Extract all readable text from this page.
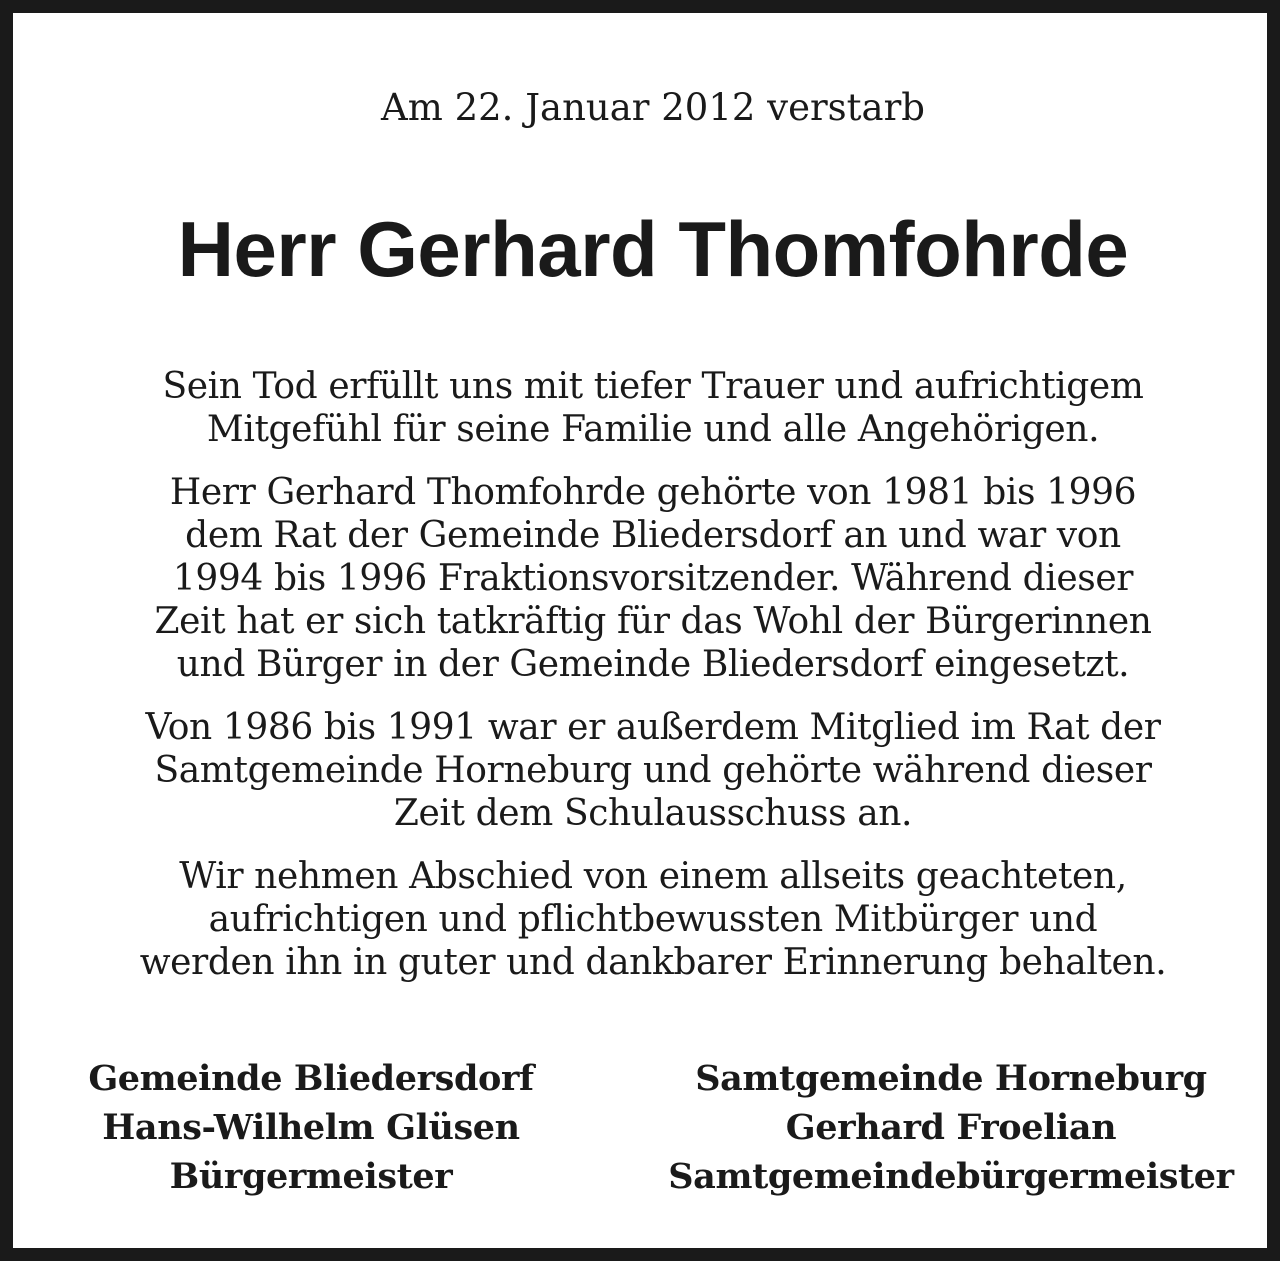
Am 22. Januar 2012 verstarb

Herr Gerhard Thomfohrde

Sein Tod erfüllt uns mit tiefer Trauer und aufrichtigem
Mitgefühl für seine Familie und alle Angehörigen.

Herr Gerhard Thomfohrde gehörte von 1981 bis 1996
dem Rat der Gemeinde Bliedersdorf an und war von
1994 bis 1996 Fraktionsvorsitzender. Während dieser
Zeit hat er sich tatkräftig für das Wohl der Bürgerinnen
und Bürger in der Gemeinde Bliedersdorf eingesetzt.

Von 1986 bis 1991 war er außerdem Mitglied im Rat der
Samtgemeinde Horneburg und gehörte während dieser
Zeit dem Schulausschuss an.

Wir nehmen Abschied von einem allseits geachteten,
aufrichtigen und pflichtbewussten Mitbürger und
werden ihn in guter und dankbarer Erinnerung behalten.

Gemeinde Bliedersdorf
Hans-Wilhelm Glüsen
Bürgermeister
Samtgemeinde Horneburg
Gerhard Froelian
Samtgemeindebürgermeister
